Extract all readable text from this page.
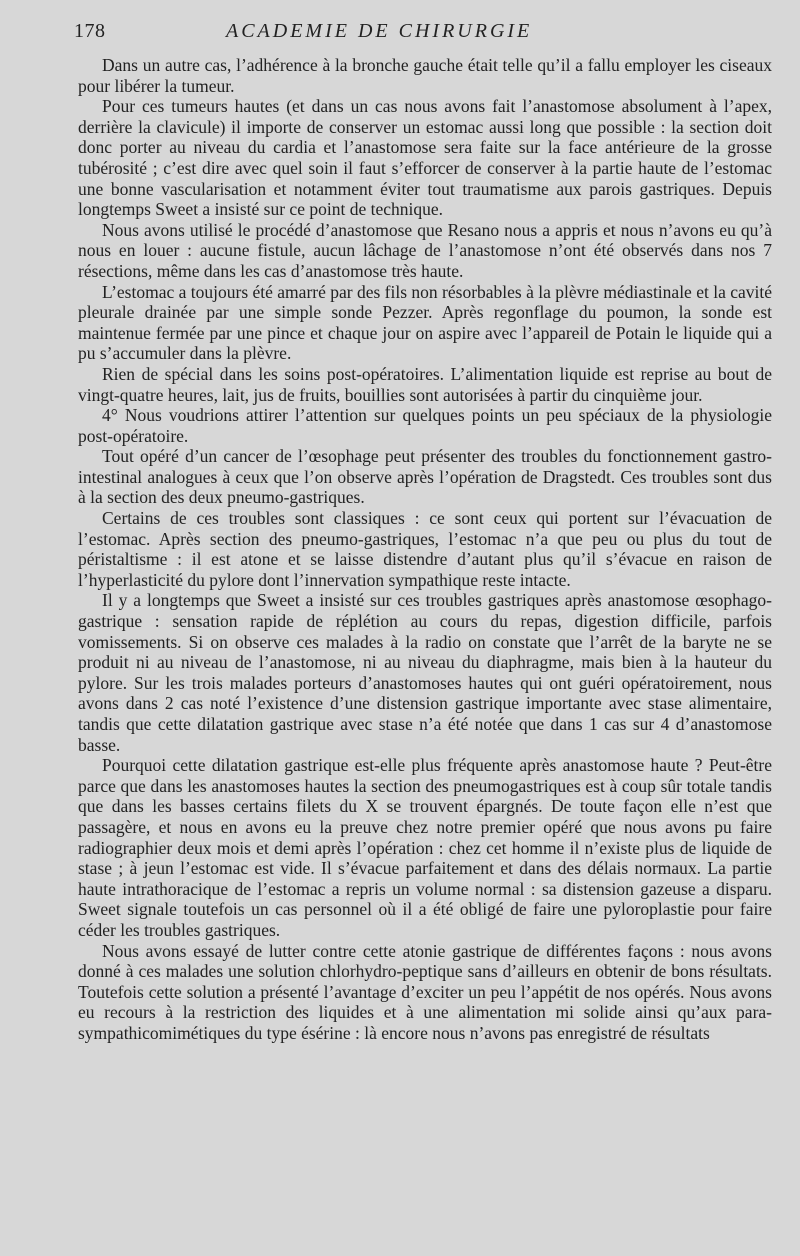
178	ACADEMIE DE CHIRURGIE

Dans un autre cas, l’adhérence à la bronche gauche était telle qu’il a fallu employer les ciseaux pour libérer la tumeur.

Pour ces tumeurs hautes (et dans un cas nous avons fait l’anastomose absolument à l’apex, derrière la clavicule) il importe de conserver un estomac aussi long que possible : la section doit donc porter au niveau du cardia et l’anastomose sera faite sur la face antérieure de la grosse tubérosité ; c’est dire avec quel soin il faut s’efforcer de conserver à la partie haute de l’estomac une bonne vascularisation et notamment éviter tout traumatisme aux parois gastriques. Depuis longtemps Sweet a insisté sur ce point de technique.

Nous avons utilisé le procédé d’anastomose que Resano nous a appris et nous n’avons eu qu’à nous en louer : aucune fistule, aucun lâchage de l’anastomose n’ont été observés dans nos 7 résections, même dans les cas d’anastomose très haute.

L’estomac a toujours été amarré par des fils non résorbables à la plèvre médiastinale et la cavité pleurale drainée par une simple sonde Pezzer. Après regonflage du poumon, la sonde est maintenue fermée par une pince et chaque jour on aspire avec l’appareil de Potain le liquide qui a pu s’accumuler dans la plèvre.

Rien de spécial dans les soins post-opératoires. L’alimentation liquide est reprise au bout de vingt-quatre heures, lait, jus de fruits, bouillies sont autorisées à partir du cinquième jour.

4° Nous voudrions attirer l’attention sur quelques points un peu spéciaux de la physiologie post-opératoire.

Tout opéré d’un cancer de l’œsophage peut présenter des troubles du fonctionnement gastro-intestinal analogues à ceux que l’on observe après l’opération de Dragstedt. Ces troubles sont dus à la section des deux pneumo-gastriques.

Certains de ces troubles sont classiques : ce sont ceux qui portent sur l’évacuation de l’estomac. Après section des pneumo-gastriques, l’estomac n’a que peu ou plus du tout de péristaltisme : il est atone et se laisse distendre d’autant plus qu’il s’évacue en raison de l’hyperlasticité du pylore dont l’innervation sympathique reste intacte.

Il y a longtemps que Sweet a insisté sur ces troubles gastriques après anastomose œsophago-gastrique : sensation rapide de réplétion au cours du repas, digestion difficile, parfois vomissements. Si on observe ces malades à la radio on constate que l’arrêt de la baryte ne se produit ni au niveau de l’anastomose, ni au niveau du diaphragme, mais bien à la hauteur du pylore. Sur les trois malades porteurs d’anastomoses hautes qui ont guéri opératoirement, nous avons dans 2 cas noté l’existence d’une distension gastrique importante avec stase alimentaire, tandis que cette dilatation gastrique avec stase n’a été notée que dans 1 cas sur 4 d’anastomose basse.

Pourquoi cette dilatation gastrique est-elle plus fréquente après anastomose haute ? Peut-être parce que dans les anastomoses hautes la section des pneumogastriques est à coup sûr totale tandis que dans les basses certains filets du X se trouvent épargnés. De toute façon elle n’est que passagère, et nous en avons eu la preuve chez notre premier opéré que nous avons pu faire radiographier deux mois et demi après l’opération : chez cet homme il n’existe plus de liquide de stase ; à jeun l’estomac est vide. Il s’évacue parfaitement et dans des délais normaux. La partie haute intrathoracique de l’estomac a repris un volume normal : sa distension gazeuse a disparu. Sweet signale toutefois un cas personnel où il a été obligé de faire une pyloroplastie pour faire céder les troubles gastriques.

Nous avons essayé de lutter contre cette atonie gastrique de différentes façons : nous avons donné à ces malades une solution chlorhydro-peptique sans d’ailleurs en obtenir de bons résultats. Toutefois cette solution a présenté l’avantage d’exciter un peu l’appétit de nos opérés. Nous avons eu recours à la restriction des liquides et à une alimentation mi solide ainsi qu’aux para-sympathicomimétiques du type ésérine : là encore nous n’avons pas enregistré de résultats
